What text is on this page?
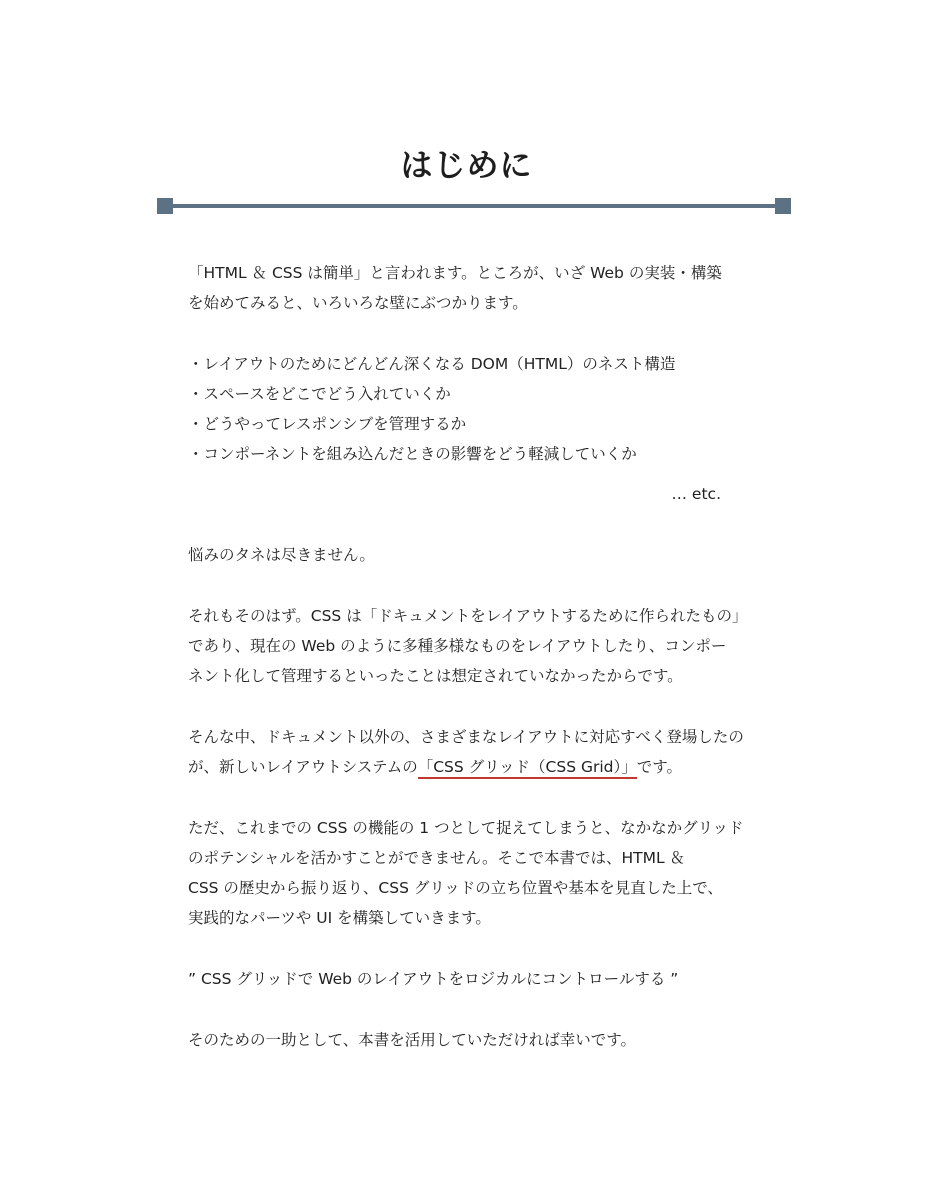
はじめに

「HTML ＆ CSS は簡単」と言われます。ところが、いざ Web の実装・構築
を始めてみると、いろいろな壁にぶつかります。

・レイアウトのためにどんどん深くなる DOM（HTML）のネスト構造
・スペースをどこでどう入れていくか
・どうやってレスポンシブを管理するか
・コンポーネントを組み込んだときの影響をどう軽減していくか
… etc.

悩みのタネは尽きません。

それもそのはず。CSS は「ドキュメントをレイアウトするために作られたもの」
であり、現在の Web のように多種多様なものをレイアウトしたり、コンポー
ネント化して管理するといったことは想定されていなかったからです。

そんな中、ドキュメント以外の、さまざまなレイアウトに対応すべく登場したの
が、新しいレイアウトシステムの「CSS グリッド（CSS Grid）」です。

ただ、これまでの CSS の機能の 1 つとして捉えてしまうと、なかなかグリッド
のポテンシャルを活かすことができません。そこで本書では、HTML ＆
CSS の歴史から振り返り、CSS グリッドの立ち位置や基本を見直した上で、
実践的なパーツや UI を構築していきます。

” CSS グリッドで Web のレイアウトをロジカルにコントロールする ”

そのための一助として、本書を活用していただければ幸いです。
